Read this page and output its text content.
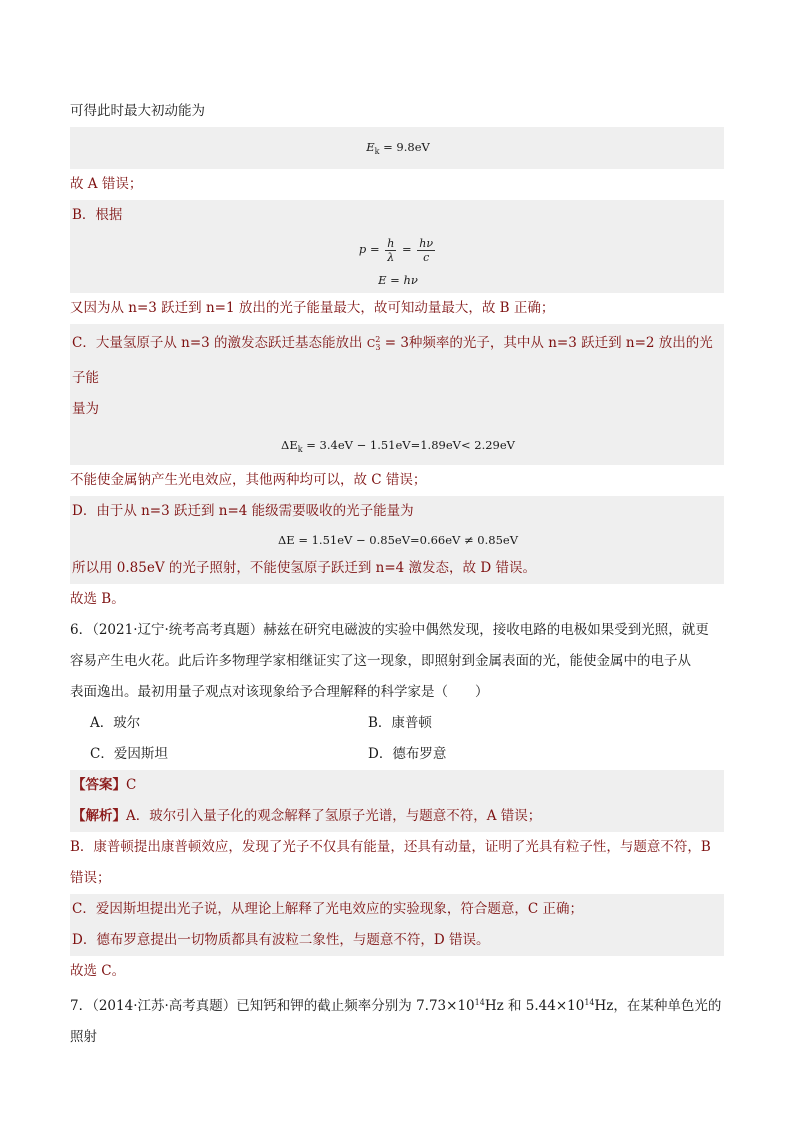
可得此时最大初动能为
$E_k = 9.8eV$
故 A 错误；
B．根据
$p = \frac{h}{\lambda} = \frac{h\nu}{c}$
E = hν
又因为从 n=3 跃迁到 n=1 放出的光子能量最大，故可知动量最大，故 B 正确；
C．大量氢原子从 n=3 的激发态跃迁基态能放出 $C^2_3 = 3$种频率的光子，其中从 n=3 跃迁到 n=2 放出的光子能
量为
$\Delta E_k = 3.4eV - 1.51eV=1.89eV< 2.29eV$
不能使金属钠产生光电效应，其他两种均可以，故 C 错误；
D．由于从 n=3 跃迁到 n=4 能级需要吸收的光子能量为
ΔE = 1.51eV − 0.85eV=0.66eV ≠ 0.85eV
所以用 0.85eV 的光子照射，不能使氢原子跃迁到 n=4 激发态，故 D 错误。
故选 B。
6．（2021·辽宁·统考高考真题）赫兹在研究电磁波的实验中偶然发现，接收电路的电极如果受到光照，就更
容易产生电火花。此后许多物理学家相继证实了这一现象，即照射到金属表面的光，能使金属中的电子从
表面逸出。最初用量子观点对该现象给予合理解释的科学家是（　　）
A．玻尔	B．康普顿
C．爱因斯坦	D．德布罗意
【答案】C
【解析】A．玻尔引入量子化的观念解释了氢原子光谱，与题意不符，A 错误；
B．康普顿提出康普顿效应，发现了光子不仅具有能量，还具有动量，证明了光具有粒子性，与题意不符，B
错误；
C．爱因斯坦提出光子说，从理论上解释了光电效应的实验现象，符合题意，C 正确；
D．德布罗意提出一切物质都具有波粒二象性，与题意不符，D 错误。
故选 C。
7．（2014·江苏·高考真题）已知钙和钾的截止频率分别为 $7.73\times 10^{14}Hz$ 和 $5.44\times 10^{14}Hz$，在某种单色光的照射
